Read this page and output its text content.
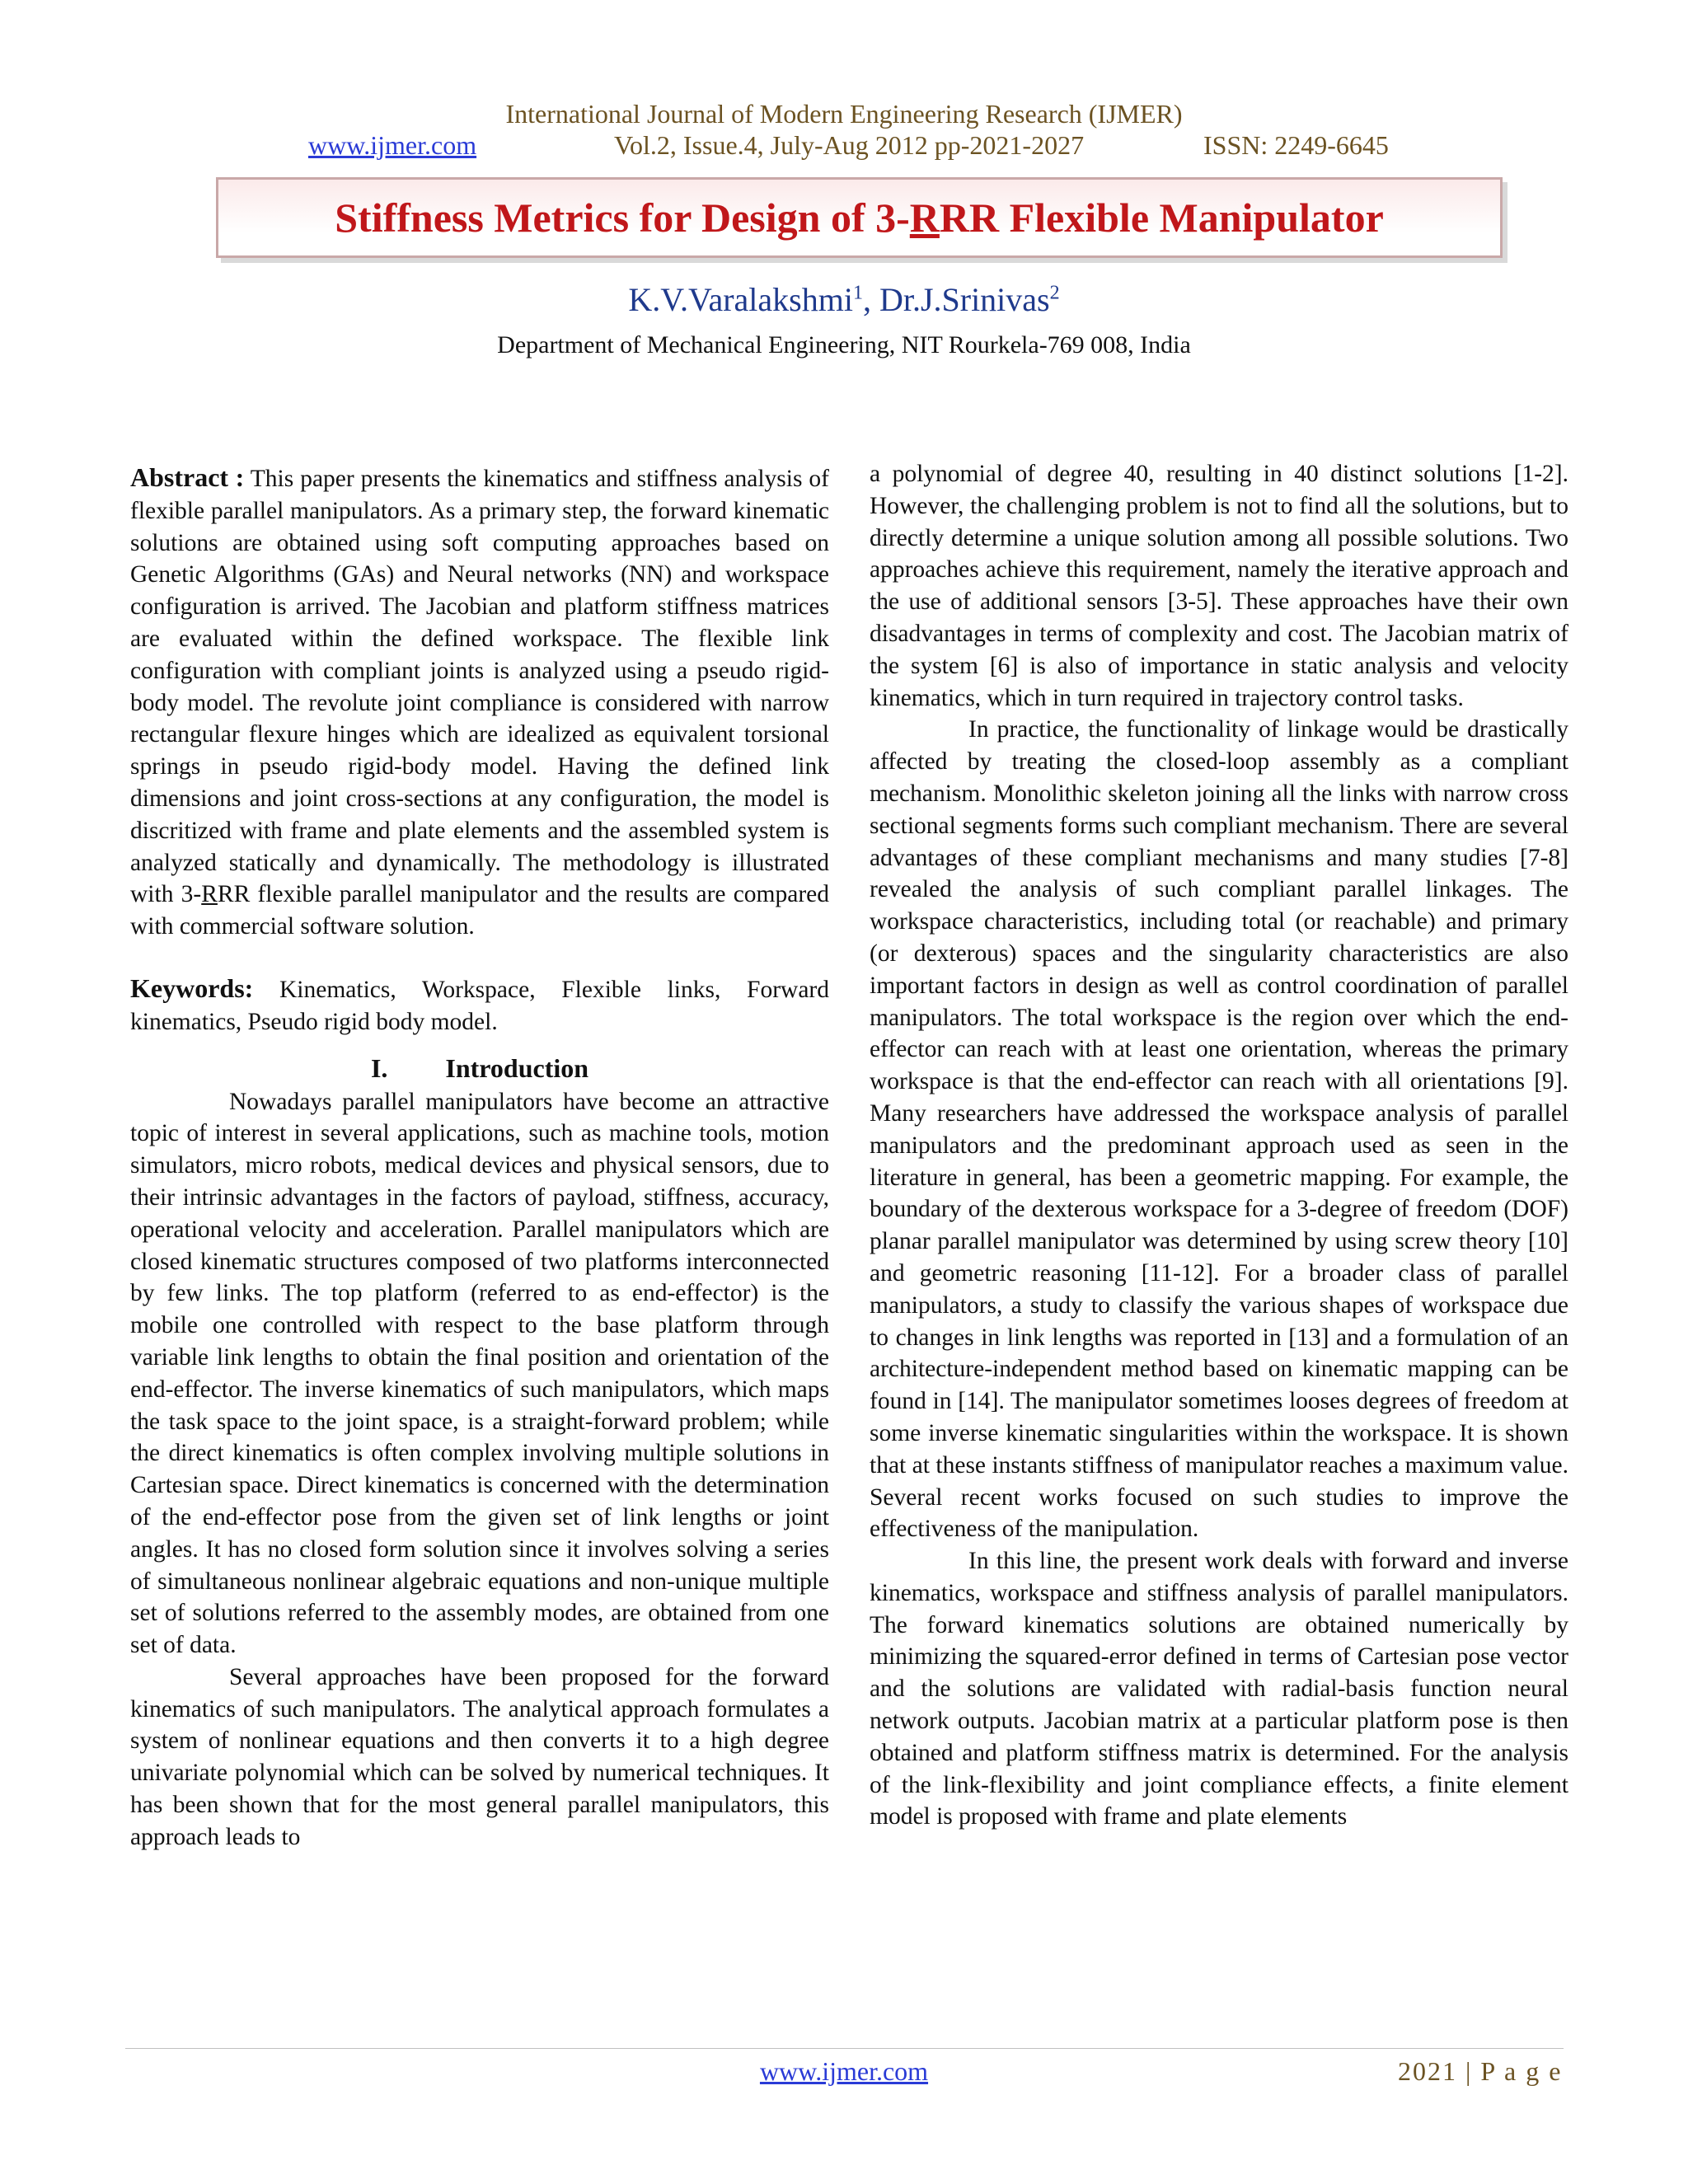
International Journal of Modern Engineering Research (IJMER)
www.ijmer.com	Vol.2, Issue.4, July-Aug 2012 pp-2021-2027	ISSN: 2249-6645
Stiffness Metrics for Design of 3-RRR Flexible Manipulator
K.V.Varalakshmi$^1$, Dr.J.Srinivas$^2$
Department of Mechanical Engineering, NIT Rourkela-769 008, India

Abstract : This paper presents the kinematics and stiffness analysis of flexible parallel manipulators. As a primary step, the forward kinematic solutions are obtained using soft computing approaches based on Genetic Algorithms (GAs) and Neural networks (NN) and workspace configuration is arrived. The Jacobian and platform stiffness matrices are evaluated within the defined workspace. The flexible link configuration with compliant joints is analyzed using a pseudo rigid-body model. The revolute joint compliance is considered with narrow rectangular flexure hinges which are idealized as equivalent torsional springs in pseudo rigid-body model. Having the defined link dimensions and joint cross-sections at any configuration, the model is discritized with frame and plate elements and the assembled system is analyzed statically and dynamically. The methodology is illustrated with 3-RRR flexible parallel manipulator and the results are compared with commercial software solution.

Keywords: Kinematics, Workspace, Flexible links, Forward kinematics, Pseudo rigid body model.

I. Introduction

Nowadays parallel manipulators have become an attractive topic of interest in several applications, such as machine tools, motion simulators, micro robots, medical devices and physical sensors, due to their intrinsic advantages in the factors of payload, stiffness, accuracy, operational velocity and acceleration. Parallel manipulators which are closed kinematic structures composed of two platforms interconnected by few links. The top platform (referred to as end-effector) is the mobile one controlled with respect to the base platform through variable link lengths to obtain the final position and orientation of the end-effector. The inverse kinematics of such manipulators, which maps the task space to the joint space, is a straight-forward problem; while the direct kinematics is often complex involving multiple solutions in Cartesian space. Direct kinematics is concerned with the determination of the end-effector pose from the given set of link lengths or joint angles. It has no closed form solution since it involves solving a series of simultaneous nonlinear algebraic equations and non-unique multiple set of solutions referred to the assembly modes, are obtained from one set of data.

Several approaches have been proposed for the forward kinematics of such manipulators. The analytical approach formulates a system of nonlinear equations and then converts it to a high degree univariate polynomial which can be solved by numerical techniques. It has been shown that for the most general parallel manipulators, this approach leads to

a polynomial of degree 40, resulting in 40 distinct solutions [1-2]. However, the challenging problem is not to find all the solutions, but to directly determine a unique solution among all possible solutions. Two approaches achieve this requirement, namely the iterative approach and the use of additional sensors [3-5]. These approaches have their own disadvantages in terms of complexity and cost. The Jacobian matrix of the system [6] is also of importance in static analysis and velocity kinematics, which in turn required in trajectory control tasks.

In practice, the functionality of linkage would be drastically affected by treating the closed-loop assembly as a compliant mechanism. Monolithic skeleton joining all the links with narrow cross sectional segments forms such compliant mechanism. There are several advantages of these compliant mechanisms and many studies [7-8] revealed the analysis of such compliant parallel linkages. The workspace characteristics, including total (or reachable) and primary (or dexterous) spaces and the singularity characteristics are also important factors in design as well as control coordination of parallel manipulators. The total workspace is the region over which the end-effector can reach with at least one orientation, whereas the primary workspace is that the end-effector can reach with all orientations [9]. Many researchers have addressed the workspace analysis of parallel manipulators and the predominant approach used as seen in the literature in general, has been a geometric mapping. For example, the boundary of the dexterous workspace for a 3-degree of freedom (DOF) planar parallel manipulator was determined by using screw theory [10] and geometric reasoning [11-12]. For a broader class of parallel manipulators, a study to classify the various shapes of workspace due to changes in link lengths was reported in [13] and a formulation of an architecture-independent method based on kinematic mapping can be found in [14]. The manipulator sometimes looses degrees of freedom at some inverse kinematic singularities within the workspace. It is shown that at these instants stiffness of manipulator reaches a maximum value. Several recent works focused on such studies to improve the effectiveness of the manipulation.

In this line, the present work deals with forward and inverse kinematics, workspace and stiffness analysis of parallel manipulators. The forward kinematics solutions are obtained numerically by minimizing the squared-error defined in terms of Cartesian pose vector and the solutions are validated with radial-basis function neural network outputs. Jacobian matrix at a particular platform pose is then obtained and platform stiffness matrix is determined. For the analysis of the link-flexibility and joint compliance effects, a finite element model is proposed with frame and plate elements

www.ijmer.com	2021 | P a g e
